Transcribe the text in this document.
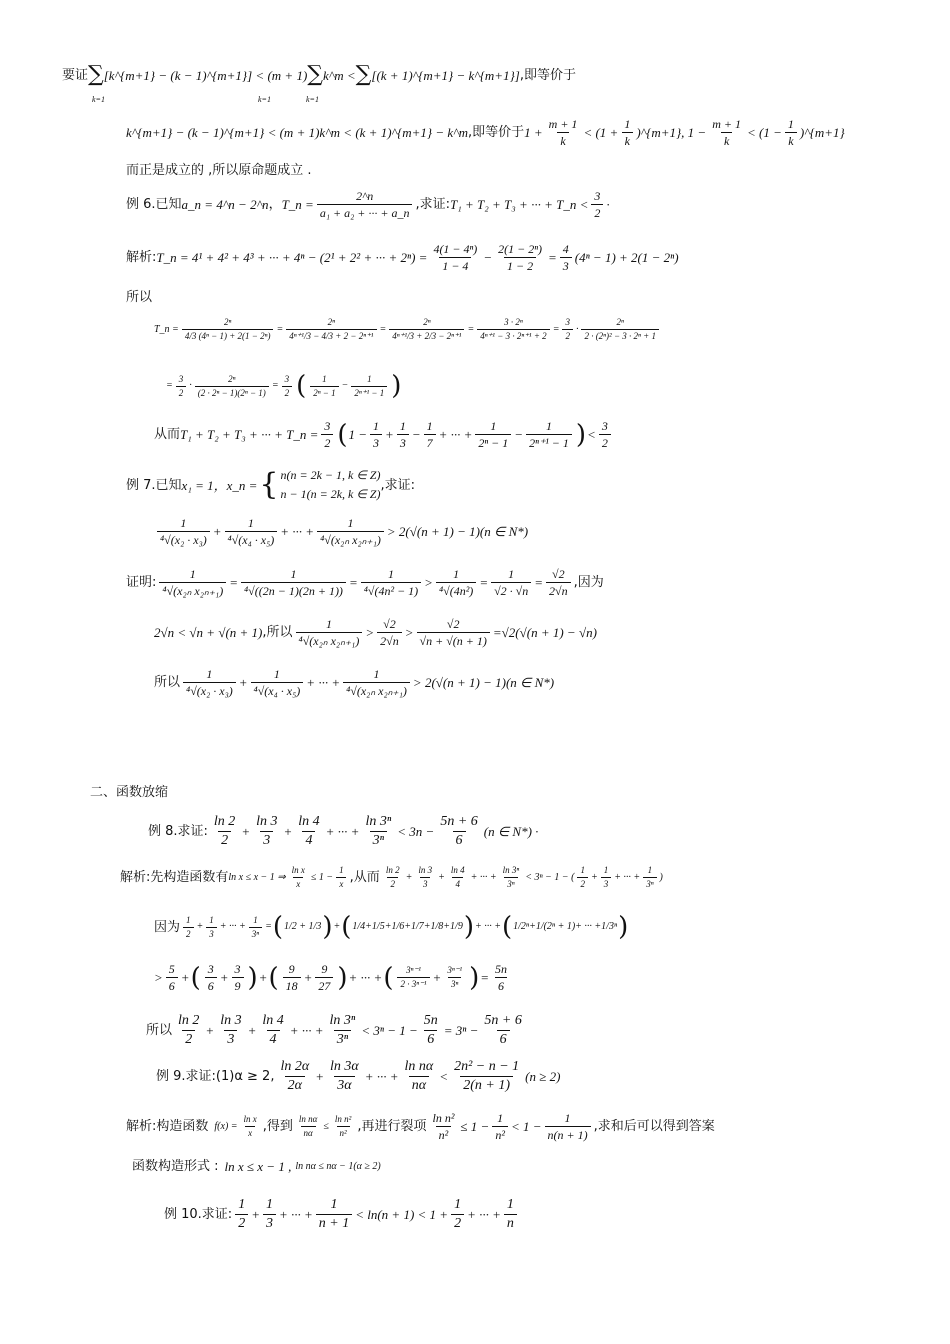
要证 ∑ [k^{m+1} − (k − 1)^{m+1}] < (m + 1) ∑ k^m < ∑ [(k + 1)^{m+1} − k^{m+1}] ,即等价于
k=1	k=1	k=1
k^{m+1} − (k − 1)^{m+1} < (m + 1)k^m < (k + 1)^{m+1} − k^m ,即等价于 $1 + \frac{m + 1}{k} < (1 + \frac{1}{k}$ )^{m+1}, $1 - \frac{m + 1}{k} < (1 - \frac{1}{k}$ )^{m+1}
而正是成立的 ,所以原命题成立 .
例 6.已知 a_n = 4^n − 2^n ， T_n = $\frac{2\^{}n}{\text{a₁ + a₂ + ··· + a\_n}}$ ,求证: T₁ + T₂ + T₃ + ··· + T_n < $\frac{3}{2}$ ·
解析: T_n = 4¹ + 4² + 4³ + ··· + 4ⁿ − (2¹ + 2² + ··· + $2^n) = \frac{\text{4(1 − 4ⁿ)}}{1 - 4} - \frac{\text{2(1 − 2ⁿ)}}{1 - 2} = \frac{4}{3} (4^n - 1) + 2(1 - 2^n)$
所以
T_n = $\frac{\text{2ⁿ}}{\text{4/3 (4ⁿ − 1) + 2(1 − 2ⁿ)}} = \frac{\text{2ⁿ}}{\text{4ⁿ⁺¹/3 − 4/3 + 2 − 2ⁿ⁺¹}} = \frac{\text{2ⁿ}}{\text{4ⁿ⁺¹/3 + 2/3 − 2ⁿ⁺¹}} = \frac{\text{3 · 2ⁿ}}{\text{4ⁿ⁺¹ − 3 · 2ⁿ⁺¹ + 2}} = \frac{3}{2} \cdot \frac{\text{2ⁿ}}{\text{2 · (2ⁿ)² − 3 · 2ⁿ + 1}}$
= $\frac{3}{2} \cdot \frac{\text{2ⁿ}}{\text{(2 · 2ⁿ − 1)(2ⁿ − 1)}} = \frac{3}{2}$ ( $\frac{1}{\text{2ⁿ − 1}} - \frac{1}{\text{2ⁿ⁺¹ − 1}}$ )
从而 T₁ + T₂ + T₃ + ··· + T_n = $\frac{3}{2}$ ( $1 - \frac{1}{3} + \frac{1}{3} - \frac{1}{7}$ + ··· + $\frac{1}{\text{2ⁿ − 1}} - \frac{1}{\text{2ⁿ⁺¹ − 1}}$ ) < $\frac{3}{2}$
例 7.已知 x₁ = 1，x_n = { n(n = 2k − 1, k ∈ Z)
n − 1(n = 2k, k ∈ Z)
,求证:
$\frac{1}{\text{⁴√(x₂ · x₃)}} + \frac{1}{\text{⁴√(x₄ · x₅)}}$ + ··· + $\frac{1}{\text{⁴√(x₂ₙ x₂ₙ₊₁)}} > 2(√(n + 1) - 1)(n$ ∈ N*)
证明: $\frac{1}{\text{⁴√(x₂ₙ x₂ₙ₊₁)}} = \frac{1}{\text{⁴√((2n − 1)(2n + 1))}} = \frac{1}{\text{⁴√(4n² − 1)}} > \frac{1}{\text{⁴√(4n²)}} = \frac{1}{√2 \cdot √n} = \frac{√2}{2√n}$ ,因为
2√n < √n + √(n + 1) ,所以 $\frac{1}{\text{⁴√(x₂ₙ x₂ₙ₊₁)}} > \frac{√2}{2√n} > \frac{√2}{√n + √(n + 1)} = √2(√(n + 1) - √n)$
所以 $\frac{1}{\text{⁴√(x₂ · x₃)}} + \frac{1}{\text{⁴√(x₄ · x₅)}}$ + ··· + $\frac{1}{\text{⁴√(x₂ₙ x₂ₙ₊₁)}} > 2(√(n + 1) - 1)(n$ ∈ N*)
二、函数放缩
例 8.求证: $\frac{\ln 2}{2} + \frac{\ln 3}{3} + \frac{\ln 4}{4}$ + ··· + $\frac{\text{ln 3ⁿ}}{\text{3ⁿ}} < 3n - \frac{5n + 6}{6} (n$ ∈ N*) ·
解析:先构造函数有 ln x ≤ x − 1 ⇒ $\frac{\text{ln x}}{x} \le 1 - \frac{1}{x}$ ,从而 $\frac{\ln 2}{2} + \frac{\ln 3}{3} + \frac{\ln 4}{4}$ + ··· + $\frac{\text{ln 3ⁿ}}{\text{3ⁿ}} < 3^n - 1$ − ( $\frac{1}{2} + \frac{1}{3}$ + ··· + $\frac{1}{\text{3ⁿ}}$ )
因为 $\frac{1}{2} + \frac{1}{3}$ + ··· + $\frac{1}{\text{3ⁿ}}$ = ( 1/2 + 1/3 ) + ( 1/4 + 1/5 + 1/6 + 1/7 + 1/8 + 1/9 ) + ··· + ( 1/2ⁿ + 1/(2ⁿ + 1) + ··· + 1/3ⁿ )
> $\frac{5}{6}$ + ( $\frac{3}{6} + \frac{3}{9}$ ) + ( $\frac{9}{18} + \frac{9}{27}$ ) + ··· + ( $\frac{\text{3ⁿ⁻¹}}{\text{2 · 3ⁿ⁻¹}} + \frac{\text{3ⁿ⁻¹}}{\text{3ⁿ}}$ ) = $\frac{5n}{6}$
所以 $\frac{\ln 2}{2} + \frac{\ln 3}{3} + \frac{\ln 4}{4}$ + ··· + $\frac{\text{ln 3ⁿ}}{\text{3ⁿ}} < 3^n - 1 - \frac{5n}{6} = 3^n - \frac{5n + 6}{6}$
例 9.求证:(1)α ≥ 2, $\frac{\ln 2\alpha}{2\alpha} + \frac{\ln 3\alpha}{3\alpha}$ + ··· + $\frac{\text{ln nα}}{n\alpha} < \frac{\text{2n² − n − 1}}{2(n + 1)} (n \ge 2)$
解析:构造函数 $f(x) = \frac{\text{ln x}}{x}$ ,得到 $\frac{\text{ln nα}}{n\alpha} \le \frac{\text{ln n²}}{\text{n²}}$ ,再进行裂项 $\frac{\text{ln n²}}{\text{n²}} \le 1 - \frac{1}{\text{n²}} < 1 - \frac{1}{n(n + 1)}$ ,求和后可以得到答案
函数构造形式 : ln x ≤ x − 1 , ln nα ≤ nα − 1(α ≥ 2)
例 10.求证: $\frac{1}{2} + \frac{1}{3}$ + ··· + $\frac{1}{n + 1} < \ln(n + 1) < 1 + \frac{1}{2}$ + ··· + $\frac{1}{n}$
